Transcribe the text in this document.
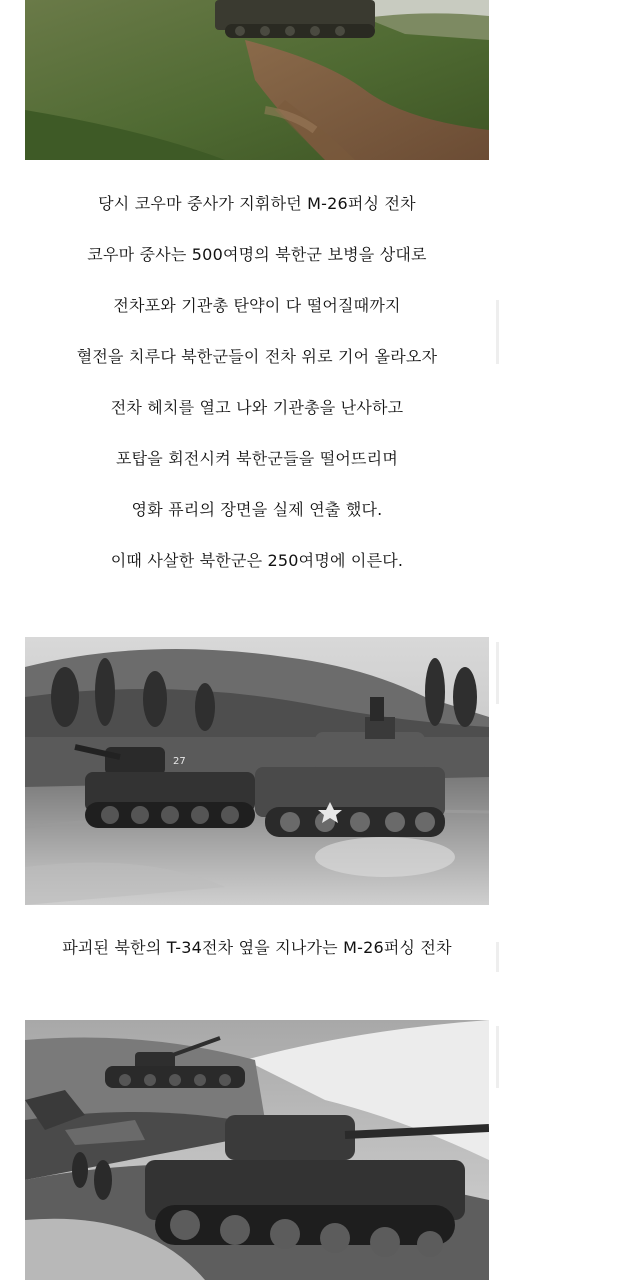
당시 코우마 중사가 지휘하던 M-26퍼싱 전차
코우마 중사는 500여명의 북한군 보병을 상대로
전차포와 기관총 탄약이 다 떨어질때까지
혈전을 치루다 북한군들이 전차 위로 기어 올라오자
전차 헤치를 열고 나와 기관총을 난사하고
포탑을 회전시켜 북한군들을 떨어뜨리며
영화 퓨리의 장면을 실제 연출 했다.
이때 사살한 북한군은 250여명에 이른다.
27
파괴된 북한의 T-34전차 옆을 지나가는 M-26퍼싱 전차
